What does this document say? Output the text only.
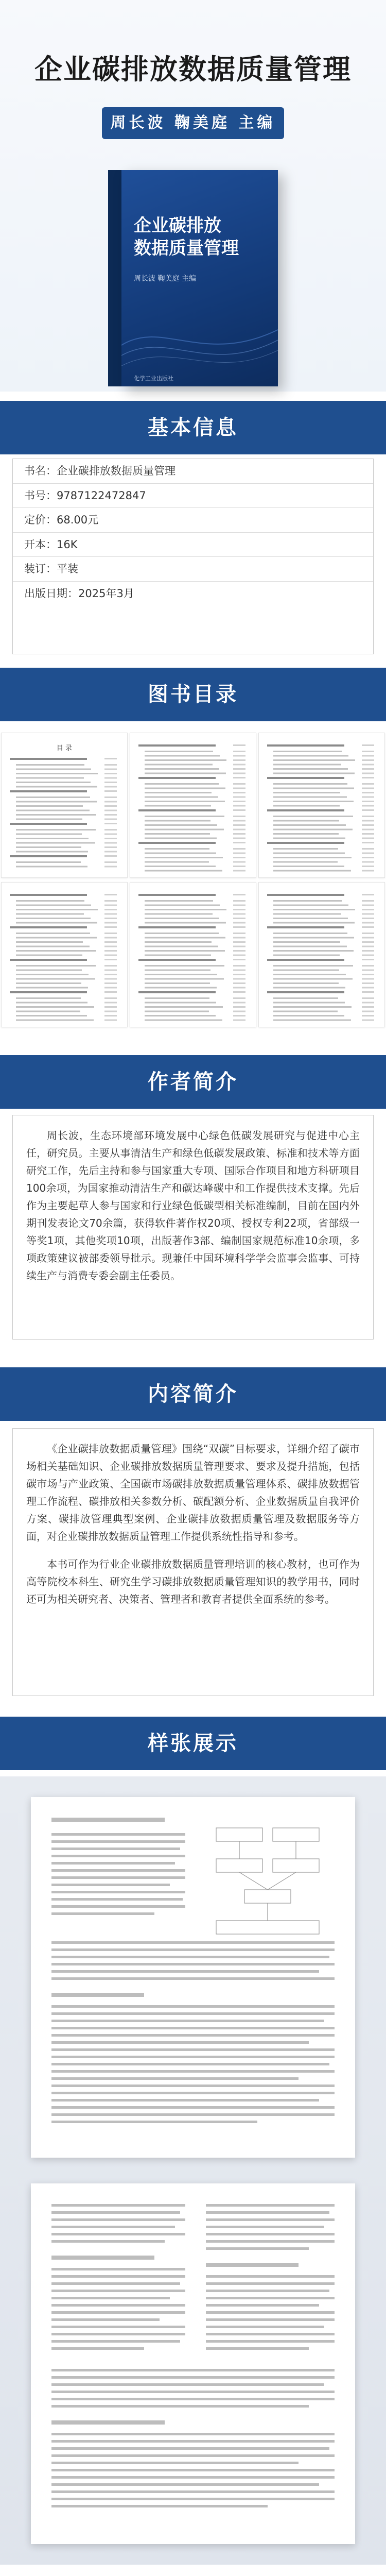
企业碳排放数据质量管理
周长波 鞠美庭 主编
企业碳排放
数据质量管理
周长波 鞠美庭 主编
化学工业出版社
基本信息
书名：企业碳排放数据质量管理
书号：9787122472847
定价：68.00元
开本：16K
装订：平装
出版日期：2025年3月
图书目录
目 录
作者简介

周长波，生态环境部环境发展中心绿色低碳发展研究与促进中心主任，研究员。主要从事清洁生产和绿色低碳发展政策、标准和技术等方面研究工作，先后主持和参与国家重大专项、国际合作项目和地方科研项目100余项，为国家推动清洁生产和碳达峰碳中和工作提供技术支撑。先后作为主要起草人参与国家和行业绿色低碳型相关标准编制，目前在国内外期刊发表论文70余篇，获得软件著作权20项、授权专利22项，省部级一等奖1项，其他奖项10项，出版著作3部、编制国家规范标准10余项，多项政策建议被部委领导批示。现兼任中国环境科学学会监事会监事、可持续生产与消费专委会副主任委员。

内容简介

《企业碳排放数据质量管理》围绕“双碳”目标要求，详细介绍了碳市场相关基础知识、企业碳排放数据质量管理要求、要求及提升措施，包括碳市场与产业政策、全国碳市场碳排放数据质量管理体系、碳排放数据管理工作流程、碳排放相关参数分析、碳配额分析、企业数据质量自我评价方案、碳排放管理典型案例、企业碳排放数据质量管理及数据服务等方面，对企业碳排放数据质量管理工作提供系统性指导和参考。

本书可作为行业企业碳排放数据质量管理培训的核心教材，也可作为高等院校本科生、研究生学习碳排放数据质量管理知识的教学用书，同时还可为相关研究者、决策者、管理者和教育者提供全面系统的参考。

样张展示
